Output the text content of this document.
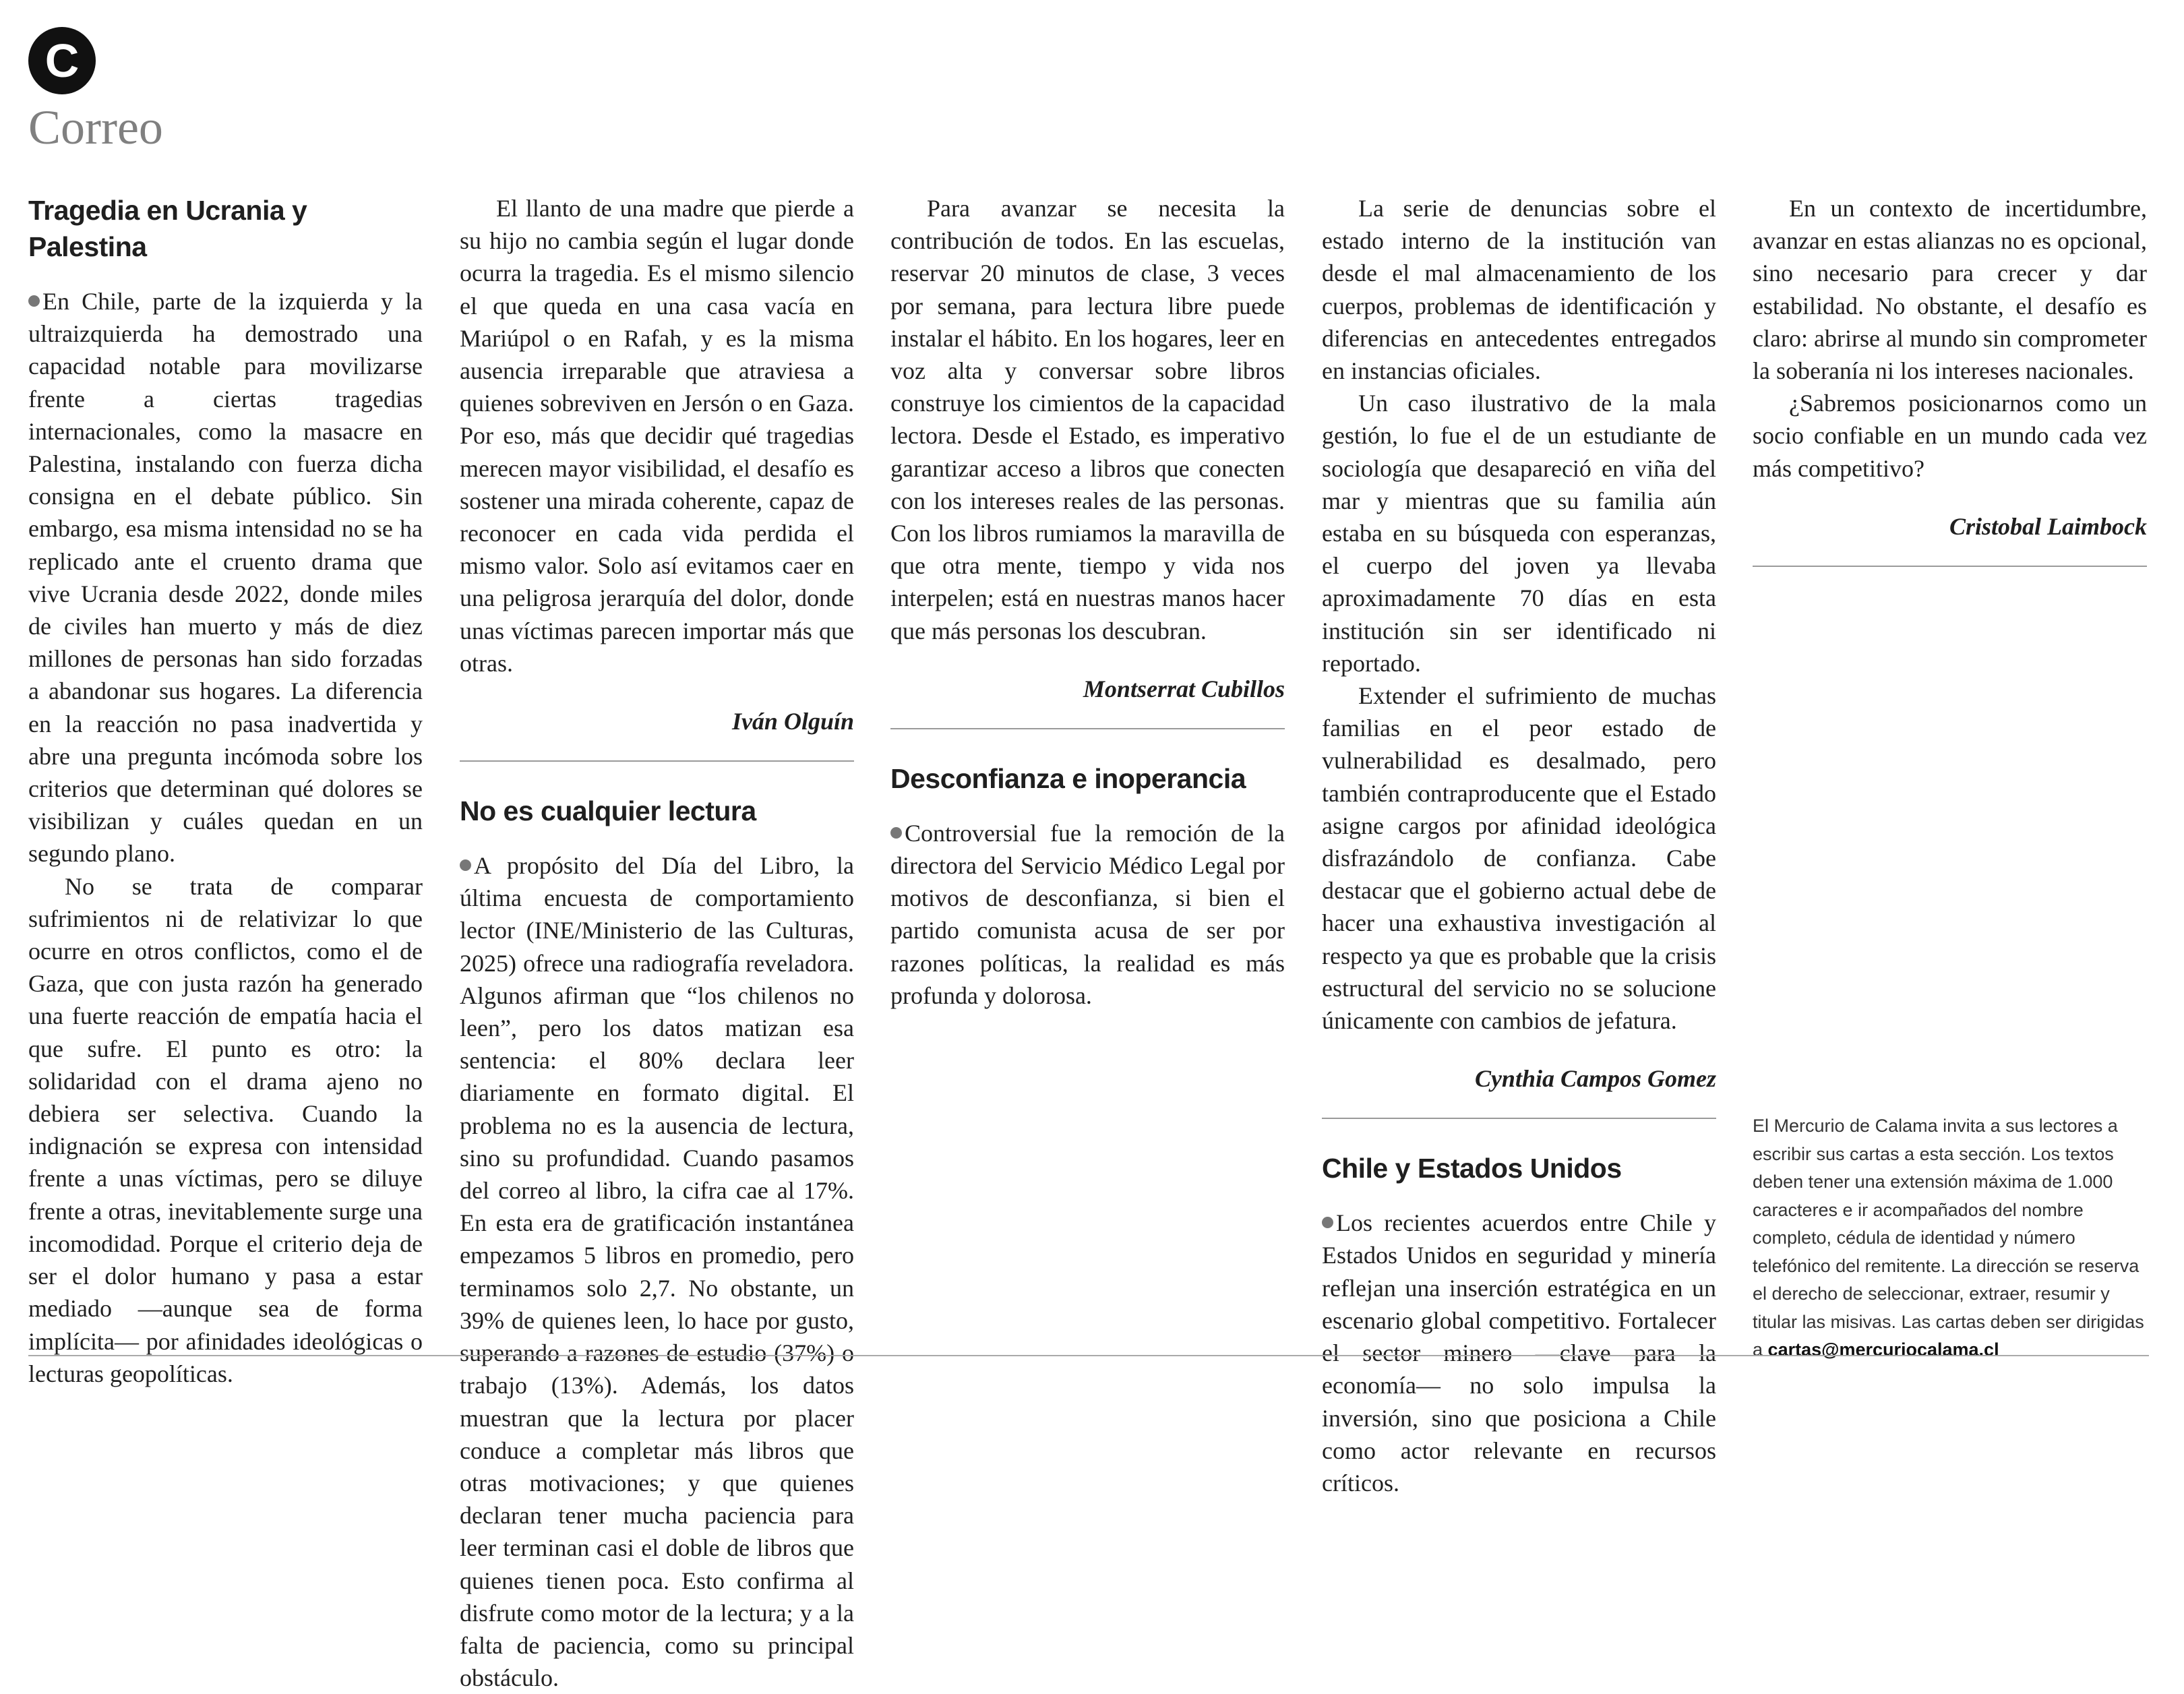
C
Correo
Tragedia en Ucrania y Palestina

En Chile, parte de la izquierda y la ultraizquierda ha demostrado una capacidad notable para movilizarse frente a ciertas tragedias internacionales, como la masacre en Palestina, instalando con fuerza dicha consigna en el debate público. Sin embargo, esa misma intensidad no se ha replicado ante el cruento drama que vive Ucrania desde 2022, donde miles de civiles han muerto y más de diez millones de personas han sido forzadas a abandonar sus hogares. La diferencia en la reacción no pasa inadvertida y abre una pregunta incómoda sobre los criterios que determinan qué dolores se visibilizan y cuáles quedan en un segundo plano.

No se trata de comparar sufrimientos ni de relativizar lo que ocurre en otros conflictos, como el de Gaza, que con justa razón ha generado una fuerte reacción de empatía hacia el que sufre. El punto es otro: la solidaridad con el drama ajeno no debiera ser selectiva. Cuando la indignación se expresa con intensidad frente a unas víctimas, pero se diluye frente a otras, inevitablemente surge una incomodidad. Porque el criterio deja de ser el dolor humano y pasa a estar mediado —aunque sea de forma implícita— por afinidades ideológicas o lecturas geopolíticas.

El llanto de una madre que pierde a su hijo no cambia según el lugar donde ocurra la tragedia. Es el mismo silencio el que queda en una casa vacía en Mariúpol o en Rafah, y es la misma ausencia irreparable que atraviesa a quienes sobreviven en Jersón o en Gaza. Por eso, más que decidir qué tragedias merecen mayor visibilidad, el desafío es sostener una mirada coherente, capaz de reconocer en cada vida perdida el mismo valor. Solo así evitamos caer en una peligrosa jerarquía del dolor, donde unas víctimas parecen importar más que otras.

Iván Olguín
No es cualquier lectura

A propósito del Día del Libro, la última encuesta de comportamiento lector (INE/Ministerio de las Culturas, 2025) ofrece una radiografía reveladora. Algunos afirman que “los chilenos no leen”, pero los datos matizan esa sentencia: el 80% declara leer diariamente en formato digital. El problema no es la ausencia de lectura, sino su profundidad. Cuando pasamos del correo al libro, la cifra cae al 17%. En esta era de gratificación instantánea empezamos 5 libros en promedio, pero terminamos solo 2,7. No obstante, un 39% de quienes leen, lo hace por gusto, superando a razones de estudio (37%) o trabajo (13%). Además, los datos muestran que la lectura por placer conduce a completar más libros que otras motivaciones; y que quienes declaran tener mucha paciencia para leer terminan casi el doble de libros que quienes tienen poca. Esto confirma al disfrute como motor de la lectura; y a la falta de paciencia, como su principal obstáculo.

Para avanzar se necesita la contribución de todos. En las escuelas, reservar 20 minutos de clase, 3 veces por semana, para lectura libre puede instalar el hábito. En los hogares, leer en voz alta y conversar sobre libros construye los cimientos de la capacidad lectora. Desde el Estado, es imperativo garantizar acceso a libros que conecten con los intereses reales de las personas. Con los libros rumiamos la maravilla de que otra mente, tiempo y vida nos interpelen; está en nuestras manos hacer que más personas los descubran.

Montserrat Cubillos
Desconfianza e inoperancia

Controversial fue la remoción de la directora del Servicio Médico Legal por motivos de desconfianza, si bien el partido comunista acusa de ser por razones políticas, la realidad es más profunda y dolorosa.

La serie de denuncias sobre el estado interno de la institución van desde el mal almacenamiento de los cuerpos, problemas de identificación y diferencias en antecedentes entregados en instancias oficiales.

Un caso ilustrativo de la mala gestión, lo fue el de un estudiante de sociología que desapareció en viña del mar y mientras que su familia aún estaba en su búsqueda con esperanzas, el cuerpo del joven ya llevaba aproximadamente 70 días en esta institución sin ser identificado ni reportado.

Extender el sufrimiento de muchas familias en el peor estado de vulnerabilidad es desalmado, pero también contraproducente que el Estado asigne cargos por afinidad ideológica disfrazándolo de confianza. Cabe destacar que el gobierno actual debe de hacer una exhaustiva investigación al respecto ya que es probable que la crisis estructural del servicio no se solucione únicamente con cambios de jefatura.

Cynthia Campos Gomez
Chile y Estados Unidos

Los recientes acuerdos entre Chile y Estados Unidos en seguridad y minería reflejan una inserción estratégica en un escenario global competitivo. Fortalecer el sector minero —clave para la economía— no solo impulsa la inversión, sino que posiciona a Chile como actor relevante en recursos críticos.

En un contexto de incertidumbre, avanzar en estas alianzas no es opcional, sino necesario para crecer y dar estabilidad. No obstante, el desafío es claro: abrirse al mundo sin comprometer la soberanía ni los intereses nacionales.

¿Sabremos posicionarnos como un socio confiable en un mundo cada vez más competitivo?

Cristobal Laimbock
El Mercurio de Calama invita a sus lectores a escribir sus cartas a esta sección. Los textos deben tener una extensión máxima de 1.000 caracteres e ir acompañados del nombre completo, cédula de identidad y número telefónico del remitente. La dirección se reserva el derecho de seleccionar, extraer, resumir y titular las misivas. Las cartas deben ser dirigidas a cartas@mercuriocalama.cl
